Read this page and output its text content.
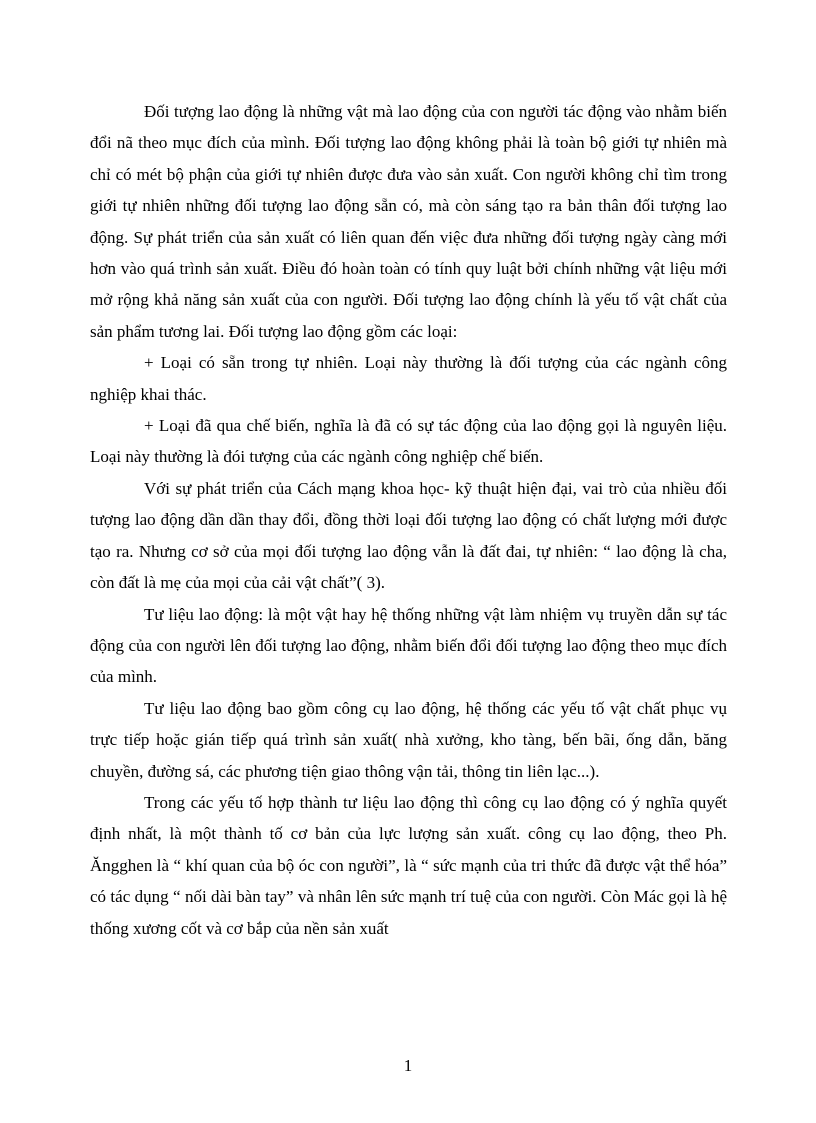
Đối tượng lao động là những vật mà lao động của con người tác động vào nhằm biến đổi nã theo mục đích của mình. Đối tượng lao động không phải là toàn bộ giới tự nhiên mà chỉ có mét bộ phận của giới tự nhiên được đưa vào sản xuất. Con người không chỉ tìm trong giới tự nhiên những đối tượng lao động sẵn có, mà còn sáng tạo ra bản thân đối tượng lao động. Sự phát triển của sản xuất có liên quan đến việc đưa những đối tượng ngày càng mới hơn vào quá trình sản xuất. Điều đó hoàn toàn có tính quy luật bởi chính những vật liệu mới mở rộng khả năng sản xuất của con người. Đối tượng lao động chính là yếu tố vật chất của sản phẩm tương lai. Đối tượng lao động gồm các loại:

+ Loại có sẵn trong tự nhiên. Loại này thường là đối tượng của các ngành công nghiệp khai thác.

+ Loại đã qua chế biến, nghĩa là đã có sự tác động của lao động gọi là nguyên liệu. Loại này thường là đói tượng của các ngành công nghiệp chế biến.

Với sự phát triển của Cách mạng khoa học- kỹ thuật hiện đại, vai trò của nhiều đối tượng lao động dần dần thay đổi, đồng thời loại đối tượng lao động có chất lượng mới được tạo ra. Nhưng cơ sở của mọi đối tượng lao động vẫn là đất đai, tự nhiên: “ lao động là cha, còn đất là mẹ của mọi của cải vật chất”( 3).

Tư liệu lao động: là một vật hay hệ thống những vật làm nhiệm vụ truyền dẫn sự tác động của con người lên đối tượng lao động, nhằm biến đổi đối tượng lao động theo mục đích của mình.

Tư liệu lao động bao gồm công cụ lao động, hệ thống các yếu tố vật chất phục vụ trực tiếp hoặc gián tiếp quá trình sản xuất( nhà xưởng, kho tàng, bến bãi, ống dẫn, băng chuyền, đường sá, các phương tiện giao thông vận tải, thông tin liên lạc...).

Trong các yếu tố hợp thành tư liệu lao động thì công cụ lao động có ý nghĩa quyết định nhất, là một thành tố cơ bản của lực lượng sản xuất. công cụ lao động, theo Ph. Ăngghen là “ khí quan của bộ óc con người”, là “ sức mạnh của tri thức đã được vật thể hóa” có tác dụng “ nối dài bàn tay” và nhân lên sức mạnh trí tuệ của con người. Còn Mác gọi là hệ thống xương cốt và cơ bắp của nền sản xuất

1
